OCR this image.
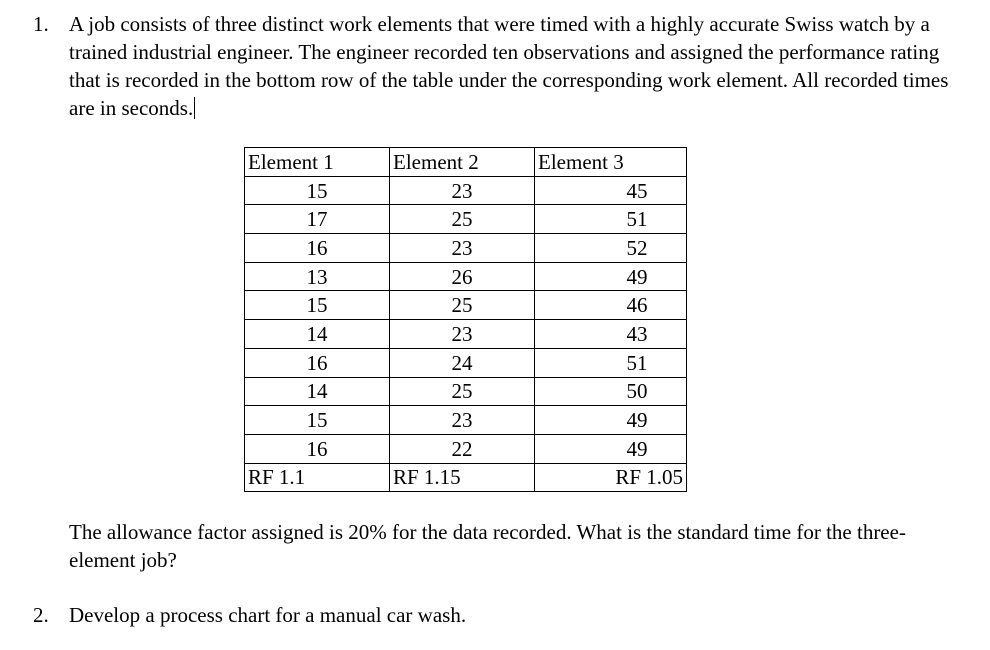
1. A job consists of three distinct work elements that were timed with a highly accurate Swiss watch by a trained industrial engineer. The engineer recorded ten observations and assigned the performance rating that is recorded in the bottom row of the table under the corresponding work element. All recorded times are in seconds.
Element 1	Element 2	Element 3
15	23	45
17	25	51
16	23	52
13	26	49
15	25	46
14	23	43
16	24	51
14	25	50
15	23	49
16	22	49
RF 1.1	RF 1.15	RF 1.05
The allowance factor assigned is 20% for the data recorded. What is the standard time for the three-element job?
2. Develop a process chart for a manual car wash.
